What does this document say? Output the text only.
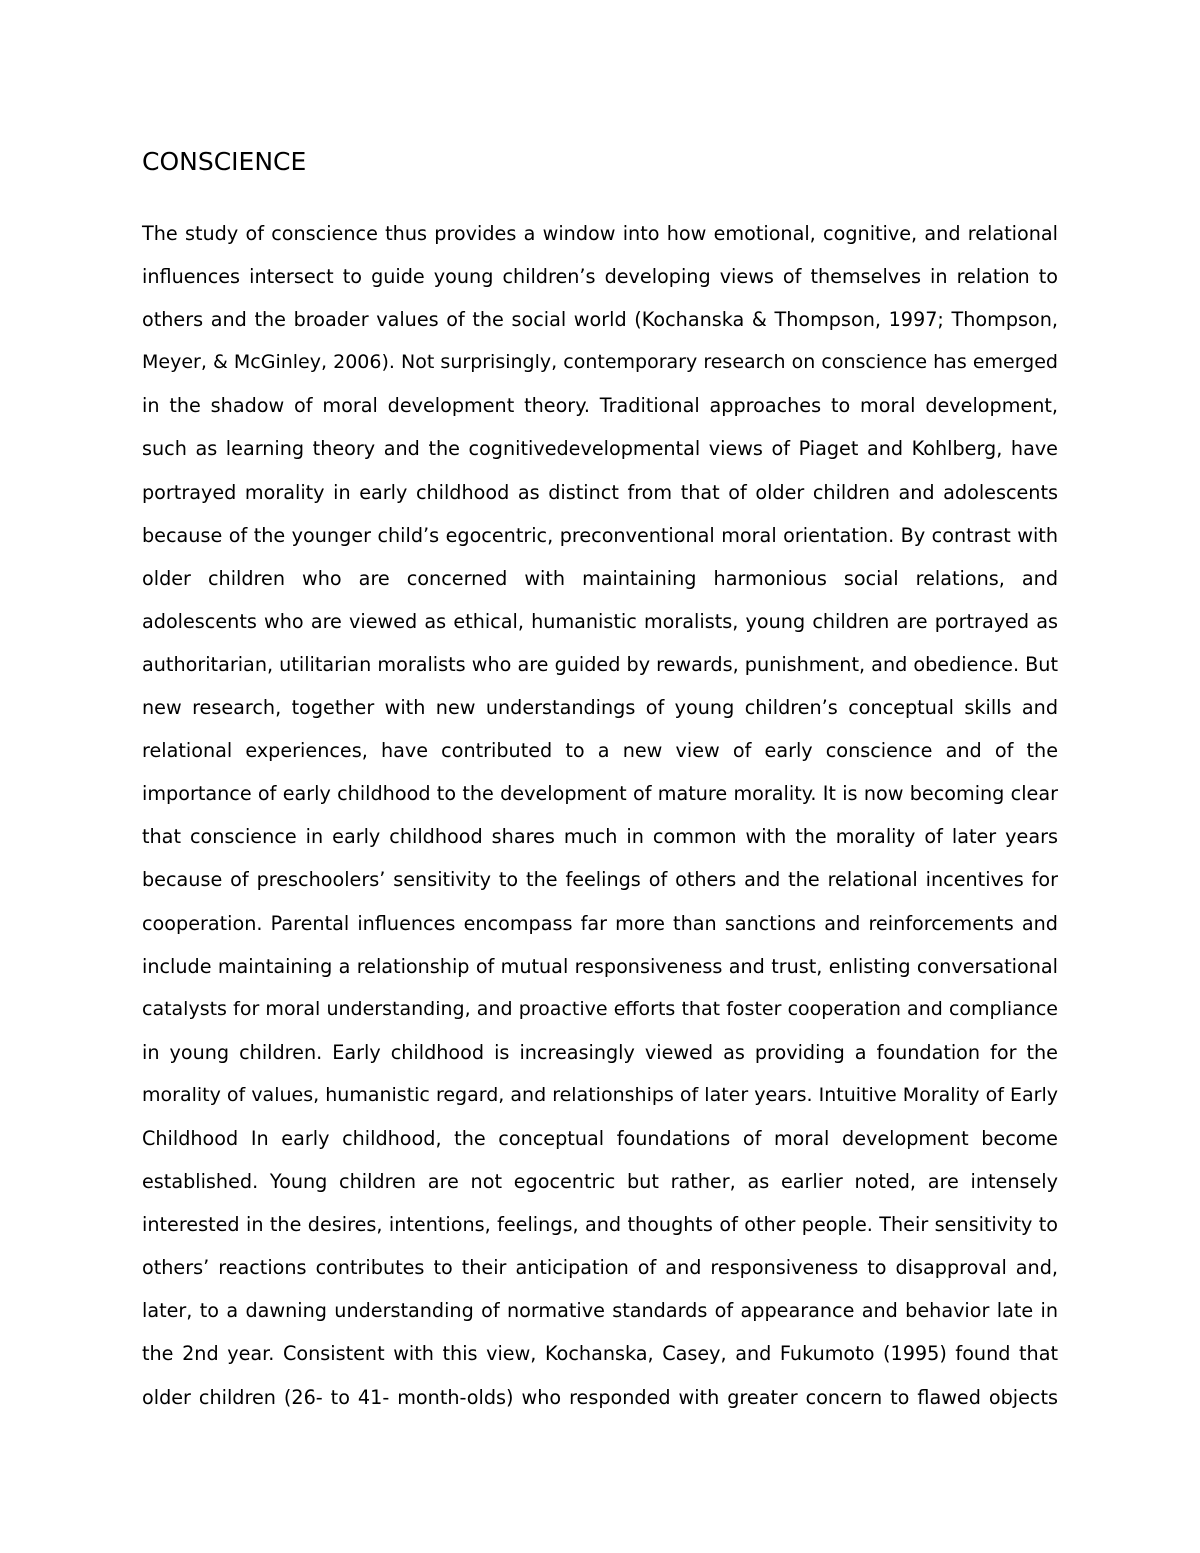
CONSCIENCE
The study of conscience thus provides a window into how emotional, cognitive, and relational
influences intersect to guide young children’s developing views of themselves in relation to
others and the broader values of the social world (Kochanska & Thompson, 1997; Thompson,
Meyer, & McGinley, 2006). Not surprisingly, contemporary research on conscience has emerged
in the shadow of moral development theory. Traditional approaches to moral development,
such as learning theory and the cognitivedevelopmental views of Piaget and Kohlberg, have
portrayed morality in early childhood as distinct from that of older children and adolescents
because of the younger child’s egocentric, preconventional moral orientation. By contrast with
older children who are concerned with maintaining harmonious social relations, and
adolescents who are viewed as ethical, humanistic moralists, young children are portrayed as
authoritarian, utilitarian moralists who are guided by rewards, punishment, and obedience. But
new research, together with new understandings of young children’s conceptual skills and
relational experiences, have contributed to a new view of early conscience and of the
importance of early childhood to the development of mature morality. It is now becoming clear
that conscience in early childhood shares much in common with the morality of later years
because of preschoolers’ sensitivity to the feelings of others and the relational incentives for
cooperation. Parental influences encompass far more than sanctions and reinforcements and
include maintaining a relationship of mutual responsiveness and trust, enlisting conversational
catalysts for moral understanding, and proactive efforts that foster cooperation and compliance
in young children. Early childhood is increasingly viewed as providing a foundation for the
morality of values, humanistic regard, and relationships of later years. Intuitive Morality of Early
Childhood In early childhood, the conceptual foundations of moral development become
established. Young children are not egocentric but rather, as earlier noted, are intensely
interested in the desires, intentions, feelings, and thoughts of other people. Their sensitivity to
others’ reactions contributes to their anticipation of and responsiveness to disapproval and,
later, to a dawning understanding of normative standards of appearance and behavior late in
the 2nd year. Consistent with this view, Kochanska, Casey, and Fukumoto (1995) found that
older children (26- to 41- month-olds) who responded with greater concern to flawed objects
